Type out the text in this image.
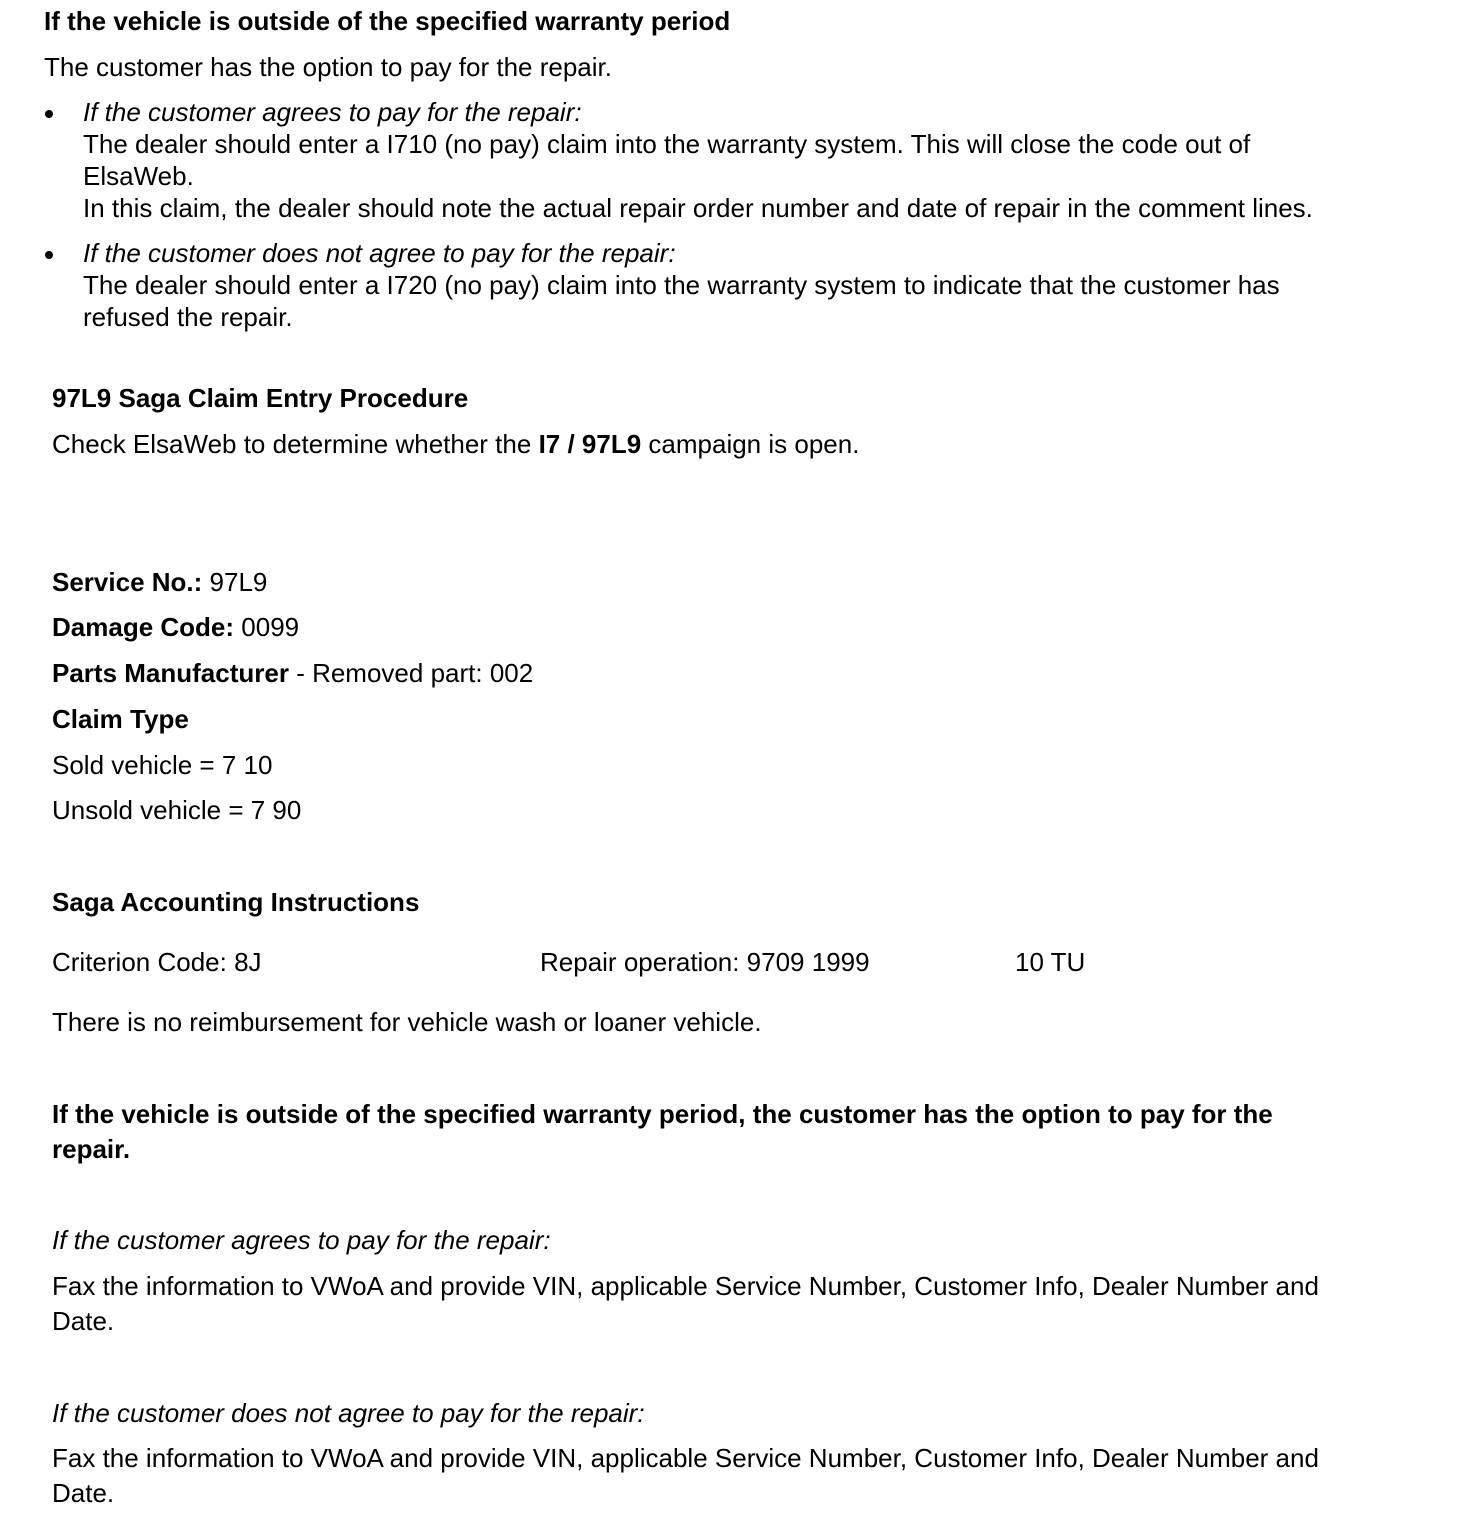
If the vehicle is outside of the specified warranty period

The customer has the option to pay for the repair.

If the customer agrees to pay for the repair:

The dealer should enter a I710 (no pay) claim into the warranty system. This will close the code out of

ElsaWeb.

In this claim, the dealer should note the actual repair order number and date of repair in the comment lines.

If the customer does not agree to pay for the repair:

The dealer should enter a I720 (no pay) claim into the warranty system to indicate that the customer has

refused the repair.

97L9 Saga Claim Entry Procedure

Check ElsaWeb to determine whether the I7 / 97L9 campaign is open.

Service No.: 97L9

Damage Code: 0099

Parts Manufacturer - Removed part: 002

Claim Type

Sold vehicle = 7 10

Unsold vehicle = 7 90

Saga Accounting Instructions

Criterion Code: 8J	Repair operation: 9709 1999	10 TU

There is no reimbursement for vehicle wash or loaner vehicle.

If the vehicle is outside of the specified warranty period, the customer has the option to pay for the

repair.

If the customer agrees to pay for the repair:

Fax the information to VWoA and provide VIN, applicable Service Number, Customer Info, Dealer Number and

Date.

If the customer does not agree to pay for the repair:

Fax the information to VWoA and provide VIN, applicable Service Number, Customer Info, Dealer Number and

Date.
